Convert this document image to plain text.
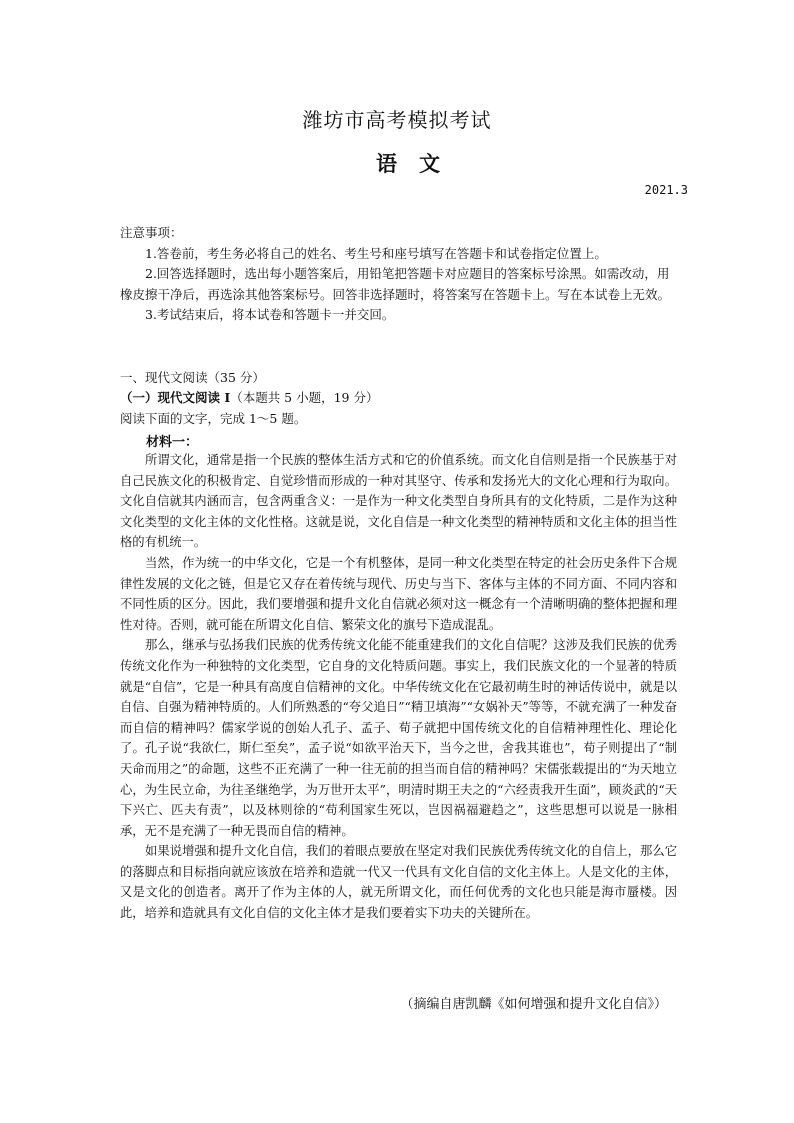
潍坊市高考模拟考试
语文
2021.3

注意事项：

1.答卷前，考生务必将自己的姓名、考生号和座号填写在答题卡和试卷指定位置上。

2.回答选择题时，选出每小题答案后，用铅笔把答题卡对应题目的答案标号涂黑。如需改动，用橡皮擦干净后，再选涂其他答案标号。回答非选择题时，将答案写在答题卡上。写在本试卷上无效。

3.考试结束后，将本试卷和答题卡一并交回。

一、现代文阅读（35 分）
（一）现代文阅读 Ⅰ（本题共 5 小题，19 分）
阅读下面的文字，完成 1～5 题。
材料一：

所谓文化，通常是指一个民族的整体生活方式和它的价值系统。而文化自信则是指一个民族基于对自己民族文化的积极肯定、自觉珍惜而形成的一种对其坚守、传承和发扬光大的文化心理和行为取向。文化自信就其内涵而言，包含两重含义：一是作为一种文化类型自身所具有的文化特质，二是作为这种文化类型的文化主体的文化性格。这就是说，文化自信是一种文化类型的精神特质和文化主体的担当性格的有机统一。

当然，作为统一的中华文化，它是一个有机整体，是同一种文化类型在特定的社会历史条件下合规律性发展的文化之链，但是它又存在着传统与现代、历史与当下、客体与主体的不同方面、不同内容和不同性质的区分。因此，我们要增强和提升文化自信就必须对这一概念有一个清晰明确的整体把握和理性对待。否则，就可能在所谓文化自信、繁荣文化的旗号下造成混乱。

那么，继承与弘扬我们民族的优秀传统文化能不能重建我们的文化自信呢？这涉及我们民族的优秀传统文化作为一种独特的文化类型，它自身的文化特质问题。事实上，我们民族文化的一个显著的特质就是“自信”，它是一种具有高度自信精神的文化。中华传统文化在它最初萌生时的神话传说中，就是以自信、自强为精神特质的。人们所熟悉的“夸父追日”“精卫填海”“女娲补天”等等，不就充满了一种发奋而自信的精神吗？儒家学说的创始人孔子、孟子、荀子就把中国传统文化的自信精神理性化、理论化了。孔子说“我欲仁，斯仁至矣”，孟子说“如欲平治天下，当今之世，舍我其谁也”，荀子则提出了“制天命而用之”的命题，这些不正充满了一种一往无前的担当而自信的精神吗？宋儒张载提出的“为天地立心，为生民立命，为往圣继绝学，为万世开太平”，明清时期王夫之的“六经责我开生面”，顾炎武的“天下兴亡、匹夫有责”，以及林则徐的“苟利国家生死以，岂因祸福避趋之”，这些思想可以说是一脉相承，无不是充满了一种无畏而自信的精神。

如果说增强和提升文化自信，我们的着眼点要放在坚定对我们民族优秀传统文化的自信上，那么它的落脚点和目标指向就应该放在培养和造就一代又一代具有文化自信的文化主体上。人是文化的主体，又是文化的创造者。离开了作为主体的人，就无所谓文化，而任何优秀的文化也只能是海市蜃楼。因此，培养和造就具有文化自信的文化主体才是我们要着实下功夫的关键所在。

（摘编自唐凯麟《如何增强和提升文化自信》）
